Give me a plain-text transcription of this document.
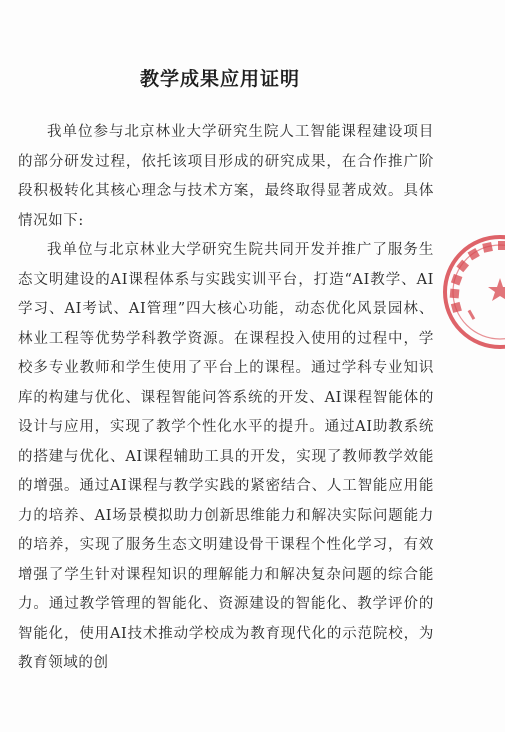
教学成果应用证明

我单位参与北京林业大学研究生院人工智能课程建设项目的部分研发过程，依托该项目形成的研究成果，在合作推广阶段积极转化其核心理念与技术方案，最终取得显著成效。具体情况如下:

我单位与北京林业大学研究生院共同开发并推广了服务生态文明建设的AI课程体系与实践实训平台，打造“AI教学、AI学习、AI考试、AI管理”四大核心功能，动态优化风景园林、林业工程等优势学科教学资源。在课程投入使用的过程中，学校多专业教师和学生使用了平台上的课程。通过学科专业知识库的构建与优化、课程智能问答系统的开发、AI课程智能体的设计与应用，实现了教学个性化水平的提升。通过AI助教系统的搭建与优化、AI课程辅助工具的开发，实现了教师教学效能的增强。通过AI课程与教学实践的紧密结合、人工智能应用能力的培养、AI场景模拟助力创新思维能力和解决实际问题能力的培养，实现了服务生态文明建设骨干课程个性化学习，有效增强了学生针对课程知识的理解能力和解决复杂问题的综合能力。通过教学管理的智能化、资源建设的智能化、教学评价的智能化，使用AI技术推动学校成为教育现代化的示范院校，为教育领域的创
